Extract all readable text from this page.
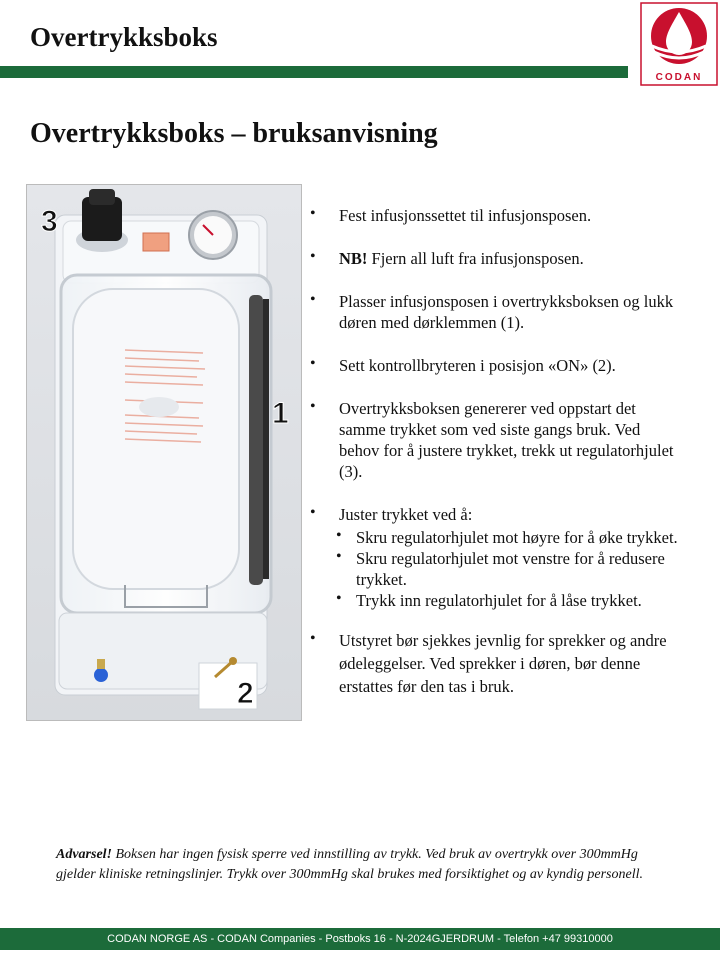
Overtrykksboks
CODAN
Overtrykksboks – bruksanvisning
3
1
2
• Fest infusjonssettet til infusjonsposen.
• NB! Fjern all luft fra infusjonsposen.
• Plasser infusjonsposen i overtrykksboksen og lukk døren med dørklemmen (1).
• Sett kontrollbryteren i posisjon «ON» (2).
• Overtrykksboksen genererer ved oppstart det samme trykket som ved siste gangs bruk. Ved behov for å justere trykket, trekk ut regulatorhjulet (3).
• Juster trykket ved å:
• Skru regulatorhjulet mot høyre for å øke trykket.
• Skru regulatorhjulet mot venstre for å redusere trykket.
• Trykk inn regulatorhjulet for å låse trykket.
• Utstyret bør sjekkes jevnlig for sprekker og andre ødeleggelser. Ved sprekker i døren, bør denne erstattes før den tas i bruk.
Advarsel! Boksen har ingen fysisk sperre ved innstilling av trykk. Ved bruk av overtrykk over 300mmHg gjelder kliniske retningslinjer. Trykk over 300mmHg skal brukes med forsiktighet og av kyndig personell.
CODAN NORGE AS - CODAN Companies - Postboks 16 - N-2024GJERDRUM - Telefon +47 99310000
